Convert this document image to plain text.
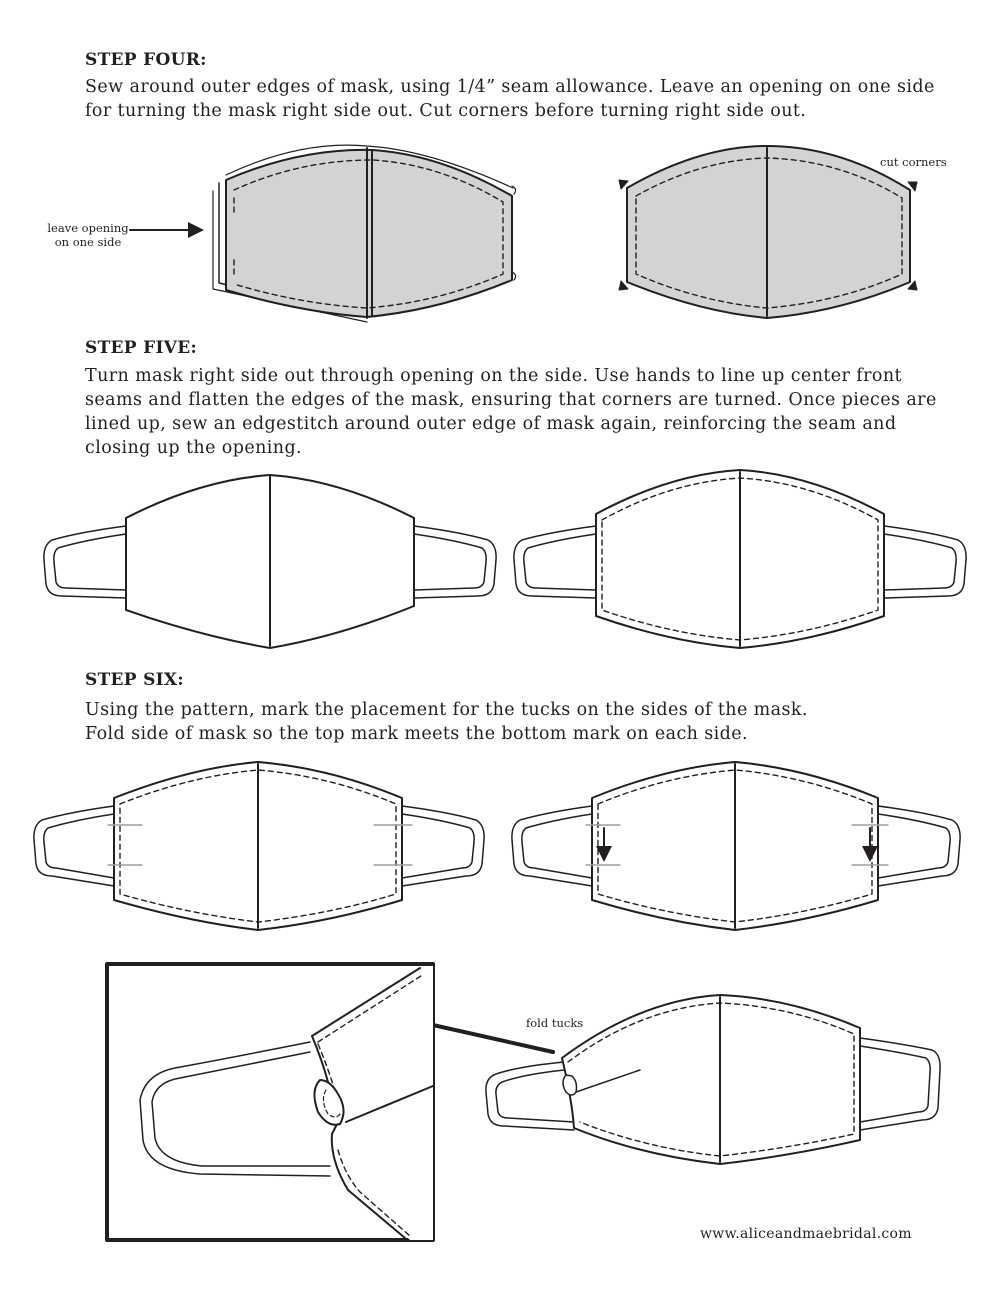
STEP FOUR:

Sew around outer edges of mask, using 1/4” seam allowance. Leave an opening on one side

for turning the mask right side out. Cut corners before turning right side out.

leave opening
on one side
cut corners

STEP FIVE:

Turn mask right side out through opening on the side. Use hands to line up center front

seams and flatten the edges of the mask, ensuring that corners are turned. Once pieces are

lined up, sew an edgestitch around outer edge of mask again, reinforcing the seam and

closing up the opening.

STEP SIX:

Using the pattern, mark the placement for the tucks on the sides of the mask.

Fold side of mask so the top mark meets the bottom mark on each side.

fold tucks
www.aliceandmaebridal.com
